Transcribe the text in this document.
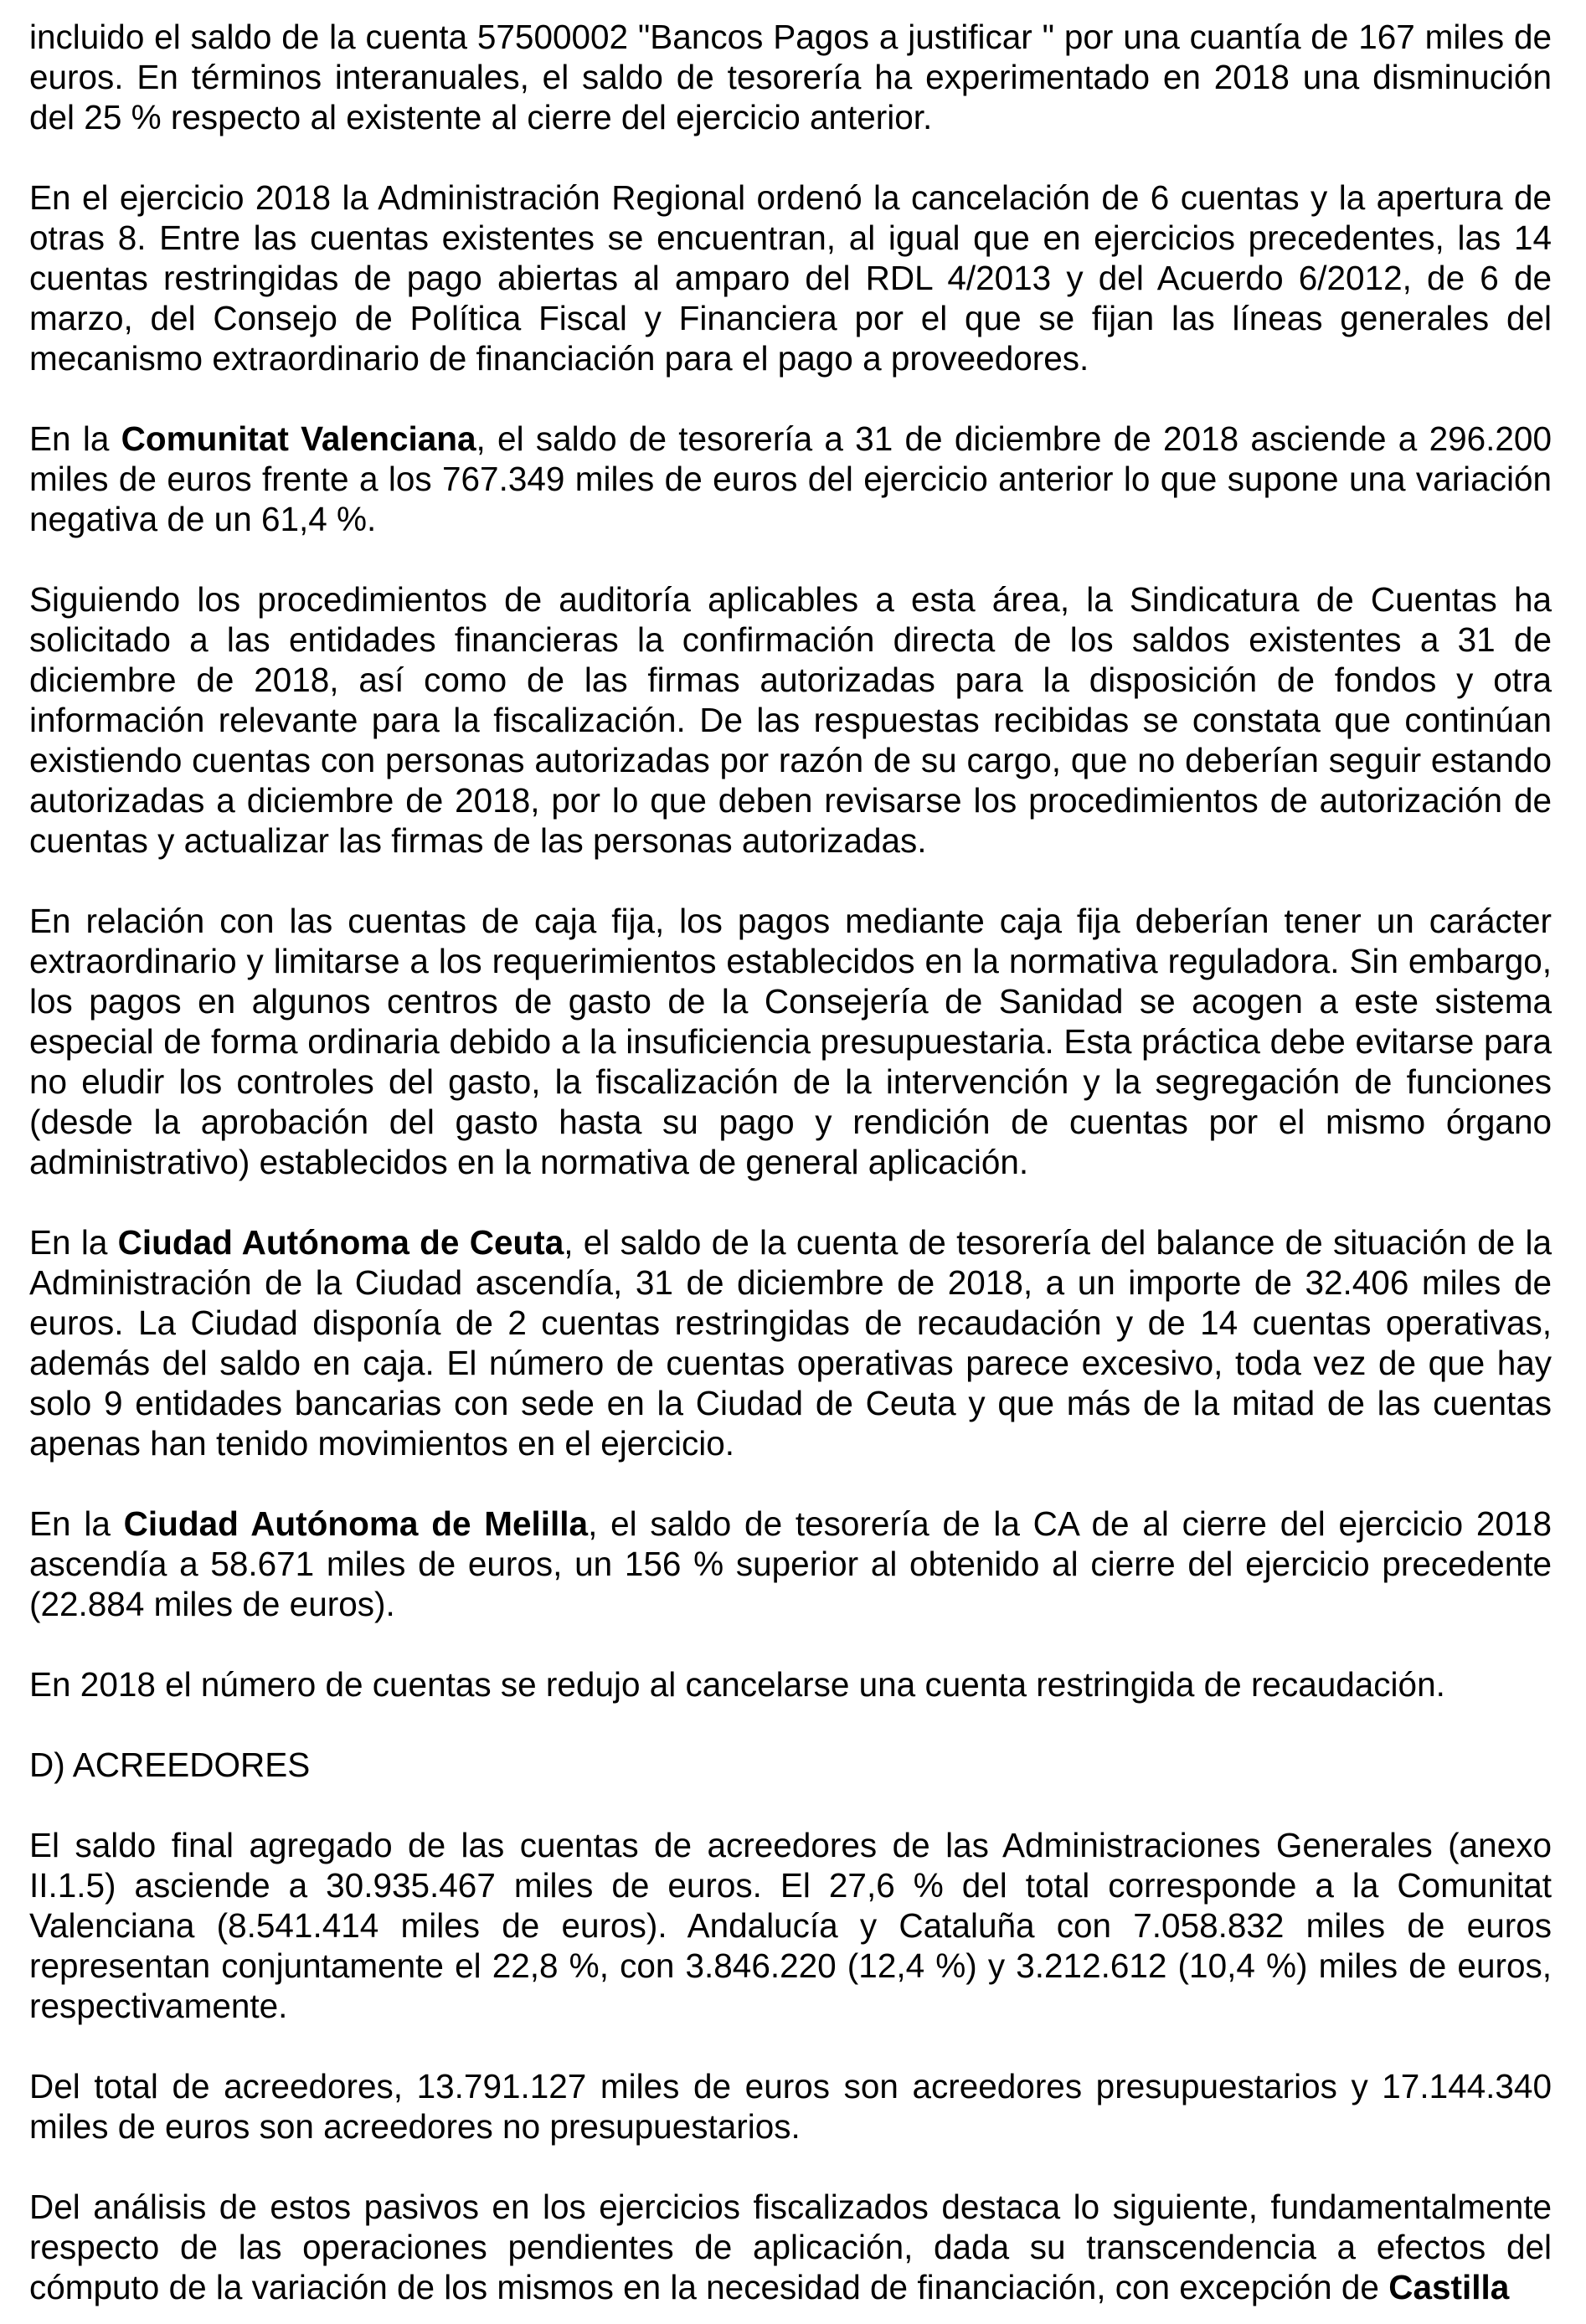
incluido el saldo de la cuenta 57500002 "Bancos Pagos a justificar " por una cuantía de 167 miles de euros. En términos interanuales, el saldo de tesorería ha experimentado en 2018 una disminución del 25 % respecto al existente al cierre del ejercicio anterior.

En el ejercicio 2018 la Administración Regional ordenó la cancelación de 6 cuentas y la apertura de otras 8. Entre las cuentas existentes se encuentran, al igual que en ejercicios precedentes, las 14 cuentas restringidas de pago abiertas al amparo del RDL 4/2013 y del Acuerdo 6/2012, de 6 de marzo, del Consejo de Política Fiscal y Financiera por el que se fijan las líneas generales del mecanismo extraordinario de financiación para el pago a proveedores.

En la Comunitat Valenciana, el saldo de tesorería a 31 de diciembre de 2018 asciende a 296.200 miles de euros frente a los 767.349 miles de euros del ejercicio anterior lo que supone una variación negativa de un 61,4 %.

Siguiendo los procedimientos de auditoría aplicables a esta área, la Sindicatura de Cuentas ha solicitado a las entidades financieras la confirmación directa de los saldos existentes a 31 de diciembre de 2018, así como de las firmas autorizadas para la disposición de fondos y otra información relevante para la fiscalización. De las respuestas recibidas se constata que continúan existiendo cuentas con personas autorizadas por razón de su cargo, que no deberían seguir estando autorizadas a diciembre de 2018, por lo que deben revisarse los procedimientos de autorización de cuentas y actualizar las firmas de las personas autorizadas.

En relación con las cuentas de caja fija, los pagos mediante caja fija deberían tener un carácter extraordinario y limitarse a los requerimientos establecidos en la normativa reguladora. Sin embargo, los pagos en algunos centros de gasto de la Consejería de Sanidad se acogen a este sistema especial de forma ordinaria debido a la insuficiencia presupuestaria. Esta práctica debe evitarse para no eludir los controles del gasto, la fiscalización de la intervención y la segregación de funciones (desde la aprobación del gasto hasta su pago y rendición de cuentas por el mismo órgano administrativo) establecidos en la normativa de general aplicación.

En la Ciudad Autónoma de Ceuta, el saldo de la cuenta de tesorería del balance de situación de la Administración de la Ciudad ascendía, 31 de diciembre de 2018, a un importe de 32.406 miles de euros. La Ciudad disponía de 2 cuentas restringidas de recaudación y de 14 cuentas operativas, además del saldo en caja. El número de cuentas operativas parece excesivo, toda vez de que hay solo 9 entidades bancarias con sede en la Ciudad de Ceuta y que más de la mitad de las cuentas apenas han tenido movimientos en el ejercicio.

En la Ciudad Autónoma de Melilla, el saldo de tesorería de la CA de al cierre del ejercicio 2018 ascendía a 58.671 miles de euros, un 156 % superior al obtenido al cierre del ejercicio precedente (22.884 miles de euros).

En 2018 el número de cuentas se redujo al cancelarse una cuenta restringida de recaudación.

D) ACREEDORES

El saldo final agregado de las cuentas de acreedores de las Administraciones Generales (anexo II.1.5) asciende a 30.935.467 miles de euros. El 27,6 % del total corresponde a la Comunitat Valenciana (8.541.414 miles de euros). Andalucía y Cataluña con 7.058.832 miles de euros representan conjuntamente el 22,8 %, con 3.846.220 (12,4 %) y 3.212.612 (10,4 %) miles de euros, respectivamente.

Del total de acreedores, 13.791.127 miles de euros son acreedores presupuestarios y 17.144.340 miles de euros son acreedores no presupuestarios.

Del análisis de estos pasivos en los ejercicios fiscalizados destaca lo siguiente, fundamentalmente respecto de las operaciones pendientes de aplicación, dada su transcendencia a efectos del cómputo de la variación de los mismos en la necesidad de financiación, con excepción de Castilla
